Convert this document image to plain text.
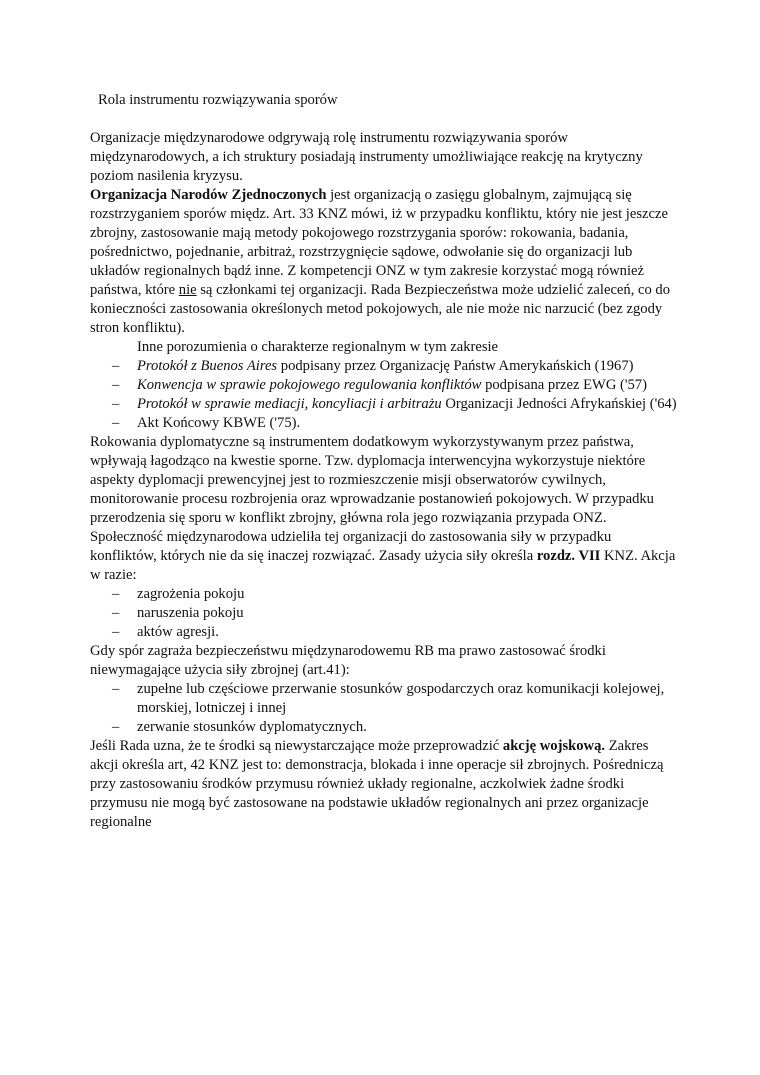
Rola instrumentu rozwiązywania sporów

Organizacje międzynarodowe odgrywają rolę instrumentu rozwiązywania sporów międzynarodowych, a ich struktury posiadają instrumenty umożliwiające reakcję na krytyczny poziom nasilenia kryzysu.

Organizacja Narodów Zjednoczonych jest organizacją o zasięgu globalnym, zajmującą się rozstrzyganiem sporów międz. Art. 33 KNZ mówi, iż w przypadku konfliktu, który nie jest jeszcze zbrojny, zastosowanie mają metody pokojowego rozstrzygania sporów: rokowania, badania, pośrednictwo, pojednanie, arbitraż, rozstrzygnięcie sądowe, odwołanie się do organizacji lub układów regionalnych bądź inne. Z kompetencji ONZ w tym zakresie korzystać mogą również państwa, które nie są członkami tej organizacji. Rada Bezpieczeństwa może udzielić zaleceń, co do konieczności zastosowania określonych metod pokojowych, ale nie może nic narzucić (bez zgody stron konfliktu).

Inne porozumienia o charakterze regionalnym w tym zakresie
– Protokół z Buenos Aires podpisany przez Organizację Państw Amerykańskich (1967)
– Konwencja w sprawie pokojowego regulowania konfliktów podpisana przez EWG ('57)
– Protokół w sprawie mediacji, koncyliacji i arbitrażu Organizacji Jedności Afrykańskiej ('64)
– Akt Końcowy KBWE ('75).

Rokowania dyplomatyczne są instrumentem dodatkowym wykorzystywanym przez państwa, wpływają łagodząco na kwestie sporne. Tzw. dyplomacja interwencyjna wykorzystuje niektóre aspekty dyplomacji prewencyjnej jest to rozmieszczenie misji obserwatorów cywilnych, monitorowanie procesu rozbrojenia oraz wprowadzanie postanowień pokojowych. W przypadku przerodzenia się sporu w konflikt zbrojny, główna rola jego rozwiązania przypada ONZ. Społeczność międzynarodowa udzieliła tej organizacji do zastosowania siły w przypadku konfliktów, których nie da się inaczej rozwiązać. Zasady użycia siły określa rozdz. VII KNZ. Akcja w razie:

– zagrożenia pokoju
– naruszenia pokoju
– aktów agresji.

Gdy spór zagraża bezpieczeństwu międzynarodowemu RB ma prawo zastosować środki niewymagające użycia siły zbrojnej (art.41):

– zupełne lub częściowe przerwanie stosunków gospodarczych oraz komunikacji kolejowej, morskiej, lotniczej i innej
– zerwanie stosunków dyplomatycznych.

Jeśli Rada uzna, że te środki są niewystarczające może przeprowadzić akcję wojskową. Zakres akcji określa art, 42 KNZ jest to: demonstracja, blokada i inne operacje sił zbrojnych. Pośredniczą przy zastosowaniu środków przymusu również układy regionalne, aczkolwiek żadne środki przymusu nie mogą być zastosowane na podstawie układów regionalnych ani przez organizacje regionalne
